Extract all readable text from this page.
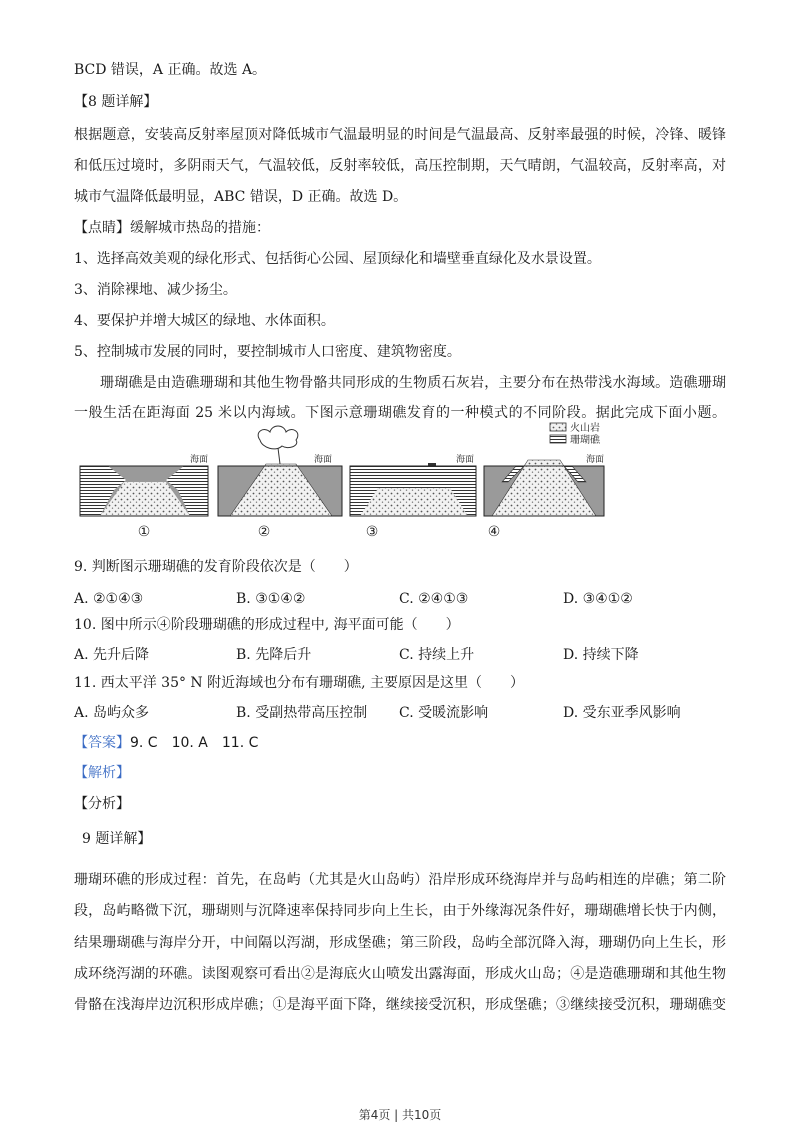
BCD 错误，A 正确。故选 A。
【8 题详解】
根据题意，安装高反射率屋顶对降低城市气温最明显的时间是气温最高、反射率最强的时候，冷锋、暖锋
和低压过境时，多阴雨天气，气温较低，反射率较低，高压控制期，天气晴朗，气温较高，反射率高，对
城市气温降低最明显，ABC 错误，D 正确。故选 D。
【点睛】缓解城市热岛的措施：
1、选择高效美观的绿化形式、包括街心公园、屋顶绿化和墙壁垂直绿化及水景设置。
3、消除裸地、减少扬尘。
4、要保护并增大城区的绿地、水体面积。
5、控制城市发展的同时，要控制城市人口密度、建筑物密度。
珊瑚礁是由造礁珊瑚和其他生物骨骼共同形成的生物质石灰岩，主要分布在热带浅水海域。造礁珊瑚
一般生活在距海面 25 米以内海域。下图示意珊瑚礁发育的一种模式的不同阶段。据此完成下面小题。
火山岩
珊瑚礁
海面
①
海面
②
海面
③
海面
④
9. 判断图示珊瑚礁的发育阶段依次是（　　）
A. ②①④③	B. ③①④②	C. ②④①③	D. ③④①②
10. 图中所示④阶段珊瑚礁的形成过程中, 海平面可能（　　）
A. 先升后降	B. 先降后升	C. 持续上升	D. 持续下降
11. 西太平洋 35° N 附近海域也分布有珊瑚礁, 主要原因是这里（　　）
A. 岛屿众多	B. 受副热带高压控制 C. 受暖流影响	D. 受东亚季风影响
【答案】9. C　10. A　11. C
【解析】
【分析】
9 题详解】
珊瑚环礁的形成过程：首先，在岛屿（尤其是火山岛屿）沿岸形成环绕海岸并与岛屿相连的岸礁；第二阶
段，岛屿略微下沉，珊瑚则与沉降速率保持同步向上生长，由于外缘海况条件好，珊瑚礁增长快于内侧，
结果珊瑚礁与海岸分开，中间隔以泻湖，形成堡礁；第三阶段，岛屿全部沉降入海，珊瑚仍向上生长，形
成环绕泻湖的环礁。读图观察可看出②是海底火山喷发出露海面，形成火山岛；④是造礁珊瑚和其他生物
骨骼在浅海岸边沉积形成岸礁；①是海平面下降，继续接受沉积，形成堡礁；③继续接受沉积，珊瑚礁变
第4页 | 共10页
